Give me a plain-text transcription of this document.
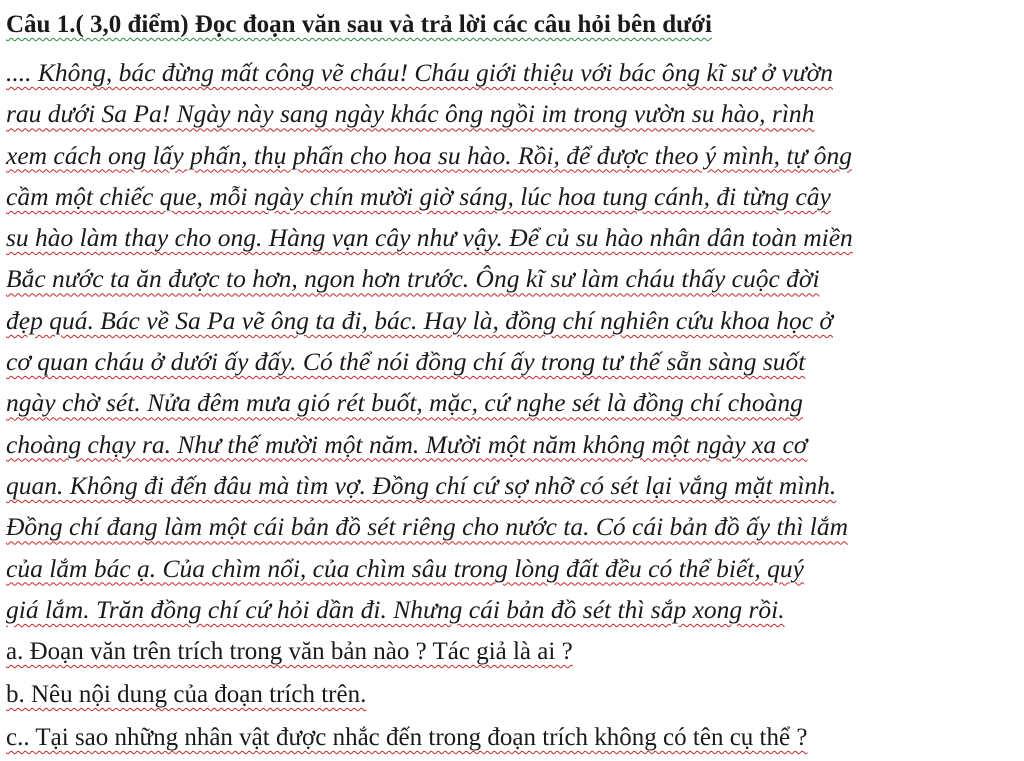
Câu 1.( 3,0 điểm) Đọc đoạn văn sau và trả lời các câu hỏi bên dưới
.... Không, bác đừng mất công vẽ cháu! Cháu giới thiệu với bác ông kĩ sư ở vườn
rau dưới Sa Pa! Ngày này sang ngày khác ông ngồi im trong vườn su hào, rình
xem cách ong lấy phấn, thụ phấn cho hoa su hào. Rồi, để được theo ý mình, tự ông
cầm một chiếc que, mỗi ngày chín mười giờ sáng, lúc hoa tung cánh, đi từng cây
su hào làm thay cho ong. Hàng vạn cây như vậy. Để củ su hào nhân dân toàn miền
Bắc nước ta ăn được to hơn, ngon hơn trước. Ông kĩ sư làm cháu thấy cuộc đời
đẹp quá. Bác về Sa Pa vẽ ông ta đi, bác. Hay là, đồng chí nghiên cứu khoa học ở
cơ quan cháu ở dưới ấy đấy. Có thể nói đồng chí ấy trong tư thế sẵn sàng suốt
ngày chờ sét. Nửa đêm mưa gió rét buốt, mặc, cứ nghe sét là đồng chí choàng
choàng chạy ra. Như thế mười một năm. Mười một năm không một ngày xa cơ
quan. Không đi đến đâu mà tìm vợ. Đồng chí cứ sợ nhỡ có sét lại vắng mặt mình.
Đồng chí đang làm một cái bản đồ sét riêng cho nước ta. Có cái bản đồ ấy thì lắm
của lắm bác ạ. Của chìm nổi, của chìm sâu trong lòng đất đều có thể biết, quý
giá lắm. Trăn đồng chí cứ hỏi dần đi. Nhưng cái bản đồ sét thì sắp xong rồi.
a. Đoạn văn trên trích trong văn bản nào ? Tác giả là ai ?
b. Nêu nội dung của đoạn trích trên.
c.. Tại sao những nhân vật được nhắc đến trong đoạn trích không có tên cụ thể ?
